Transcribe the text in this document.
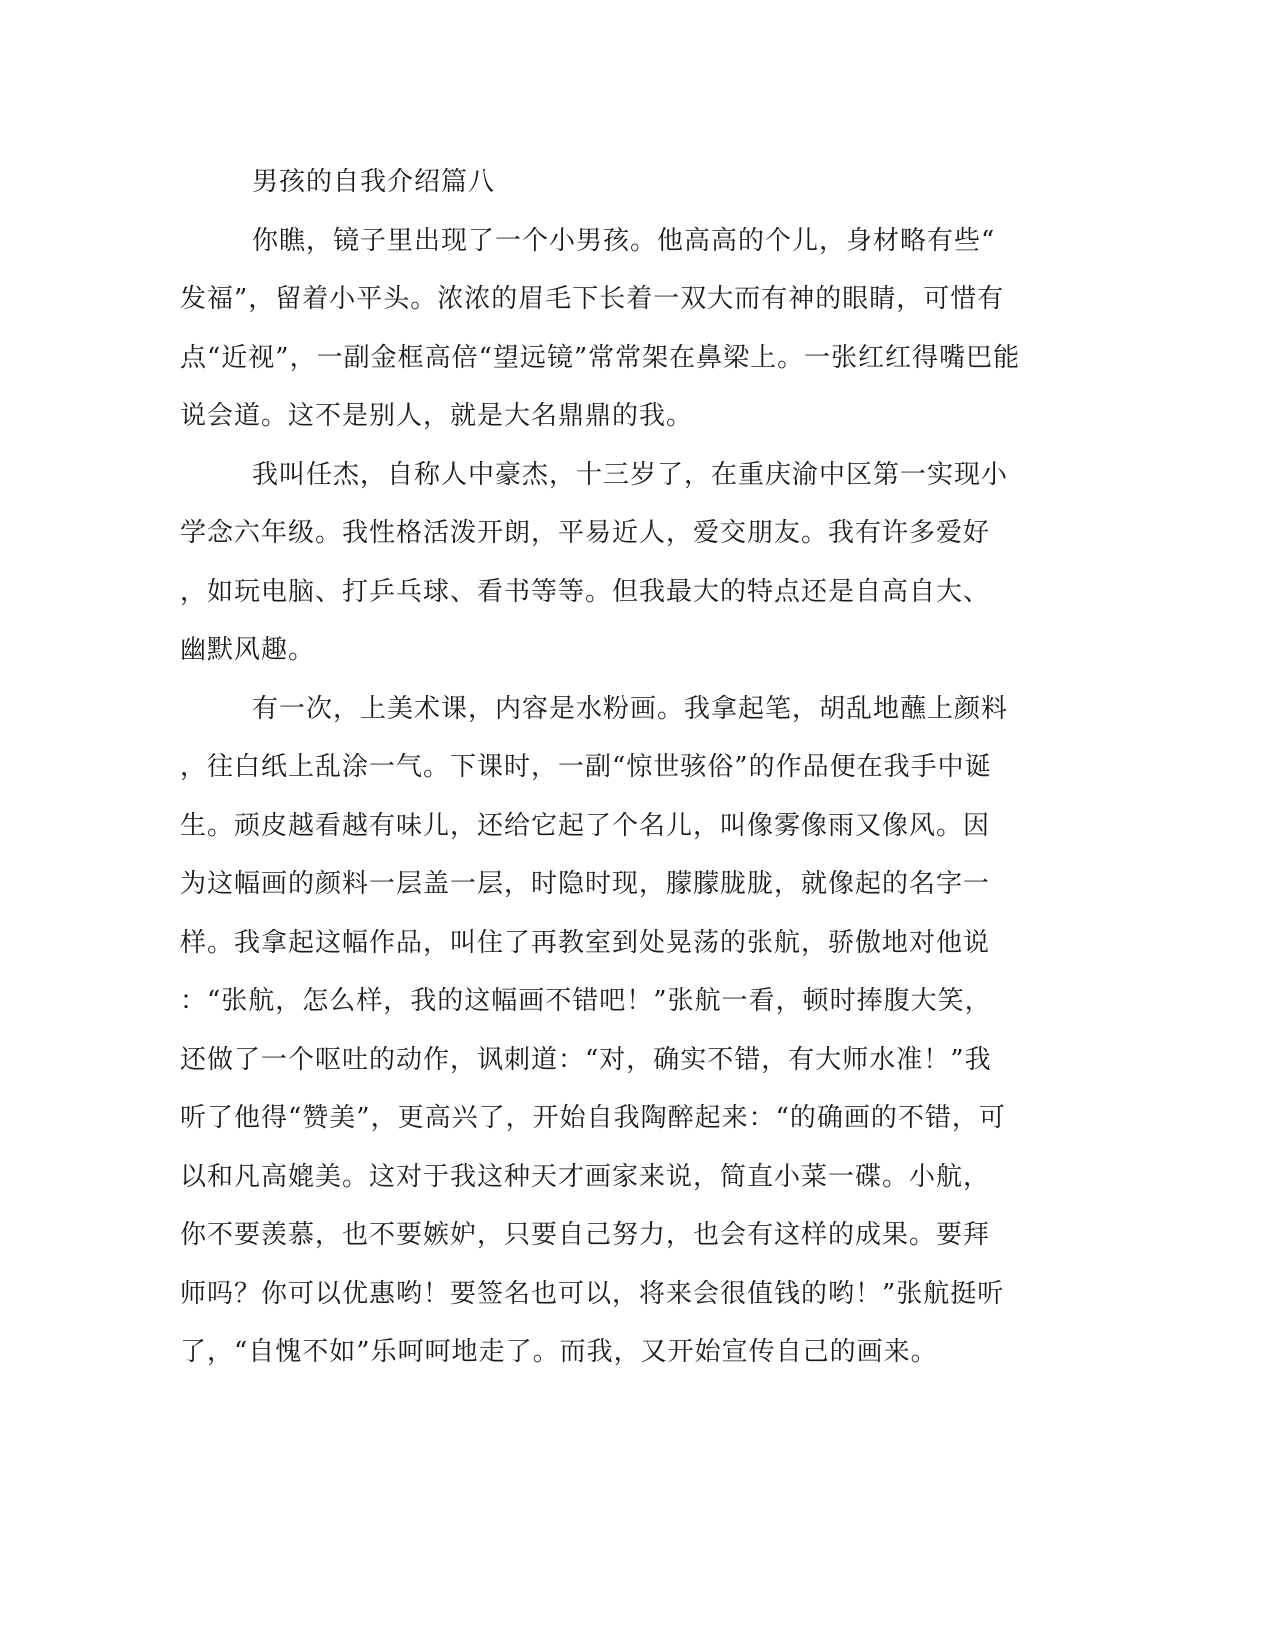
男孩的自我介绍篇八
你瞧，镜子里出现了一个小男孩。他高高的个儿，身材略有些“
发福”，留着小平头。浓浓的眉毛下长着一双大而有神的眼睛，可惜有
点“近视”，一副金框高倍“望远镜”常常架在鼻梁上。一张红红得嘴巴能
说会道。这不是别人，就是大名鼎鼎的我。
我叫任杰，自称人中豪杰，十三岁了，在重庆渝中区第一实现小
学念六年级。我性格活泼开朗，平易近人，爱交朋友。我有许多爱好
，如玩电脑、打乒乓球、看书等等。但我最大的特点还是自高自大、
幽默风趣。
有一次，上美术课，内容是水粉画。我拿起笔，胡乱地蘸上颜料
，往白纸上乱涂一气。下课时，一副“惊世骇俗”的作品便在我手中诞
生。顽皮越看越有味儿，还给它起了个名儿，叫像雾像雨又像风。因
为这幅画的颜料一层盖一层，时隐时现，朦朦胧胧，就像起的名字一
样。我拿起这幅作品，叫住了再教室到处晃荡的张航，骄傲地对他说
：“张航，怎么样，我的这幅画不错吧！”张航一看，顿时捧腹大笑，
还做了一个呕吐的动作，讽刺道：“对，确实不错，有大师水准！”我
听了他得“赞美”，更高兴了，开始自我陶醉起来：“的确画的不错，可
以和凡高媲美。这对于我这种天才画家来说，简直小菜一碟。小航，
你不要羡慕，也不要嫉妒，只要自己努力，也会有这样的成果。要拜
师吗？你可以优惠哟！要签名也可以，将来会很值钱的哟！”张航挺听
了，“自愧不如”乐呵呵地走了。而我，又开始宣传自己的画来。
